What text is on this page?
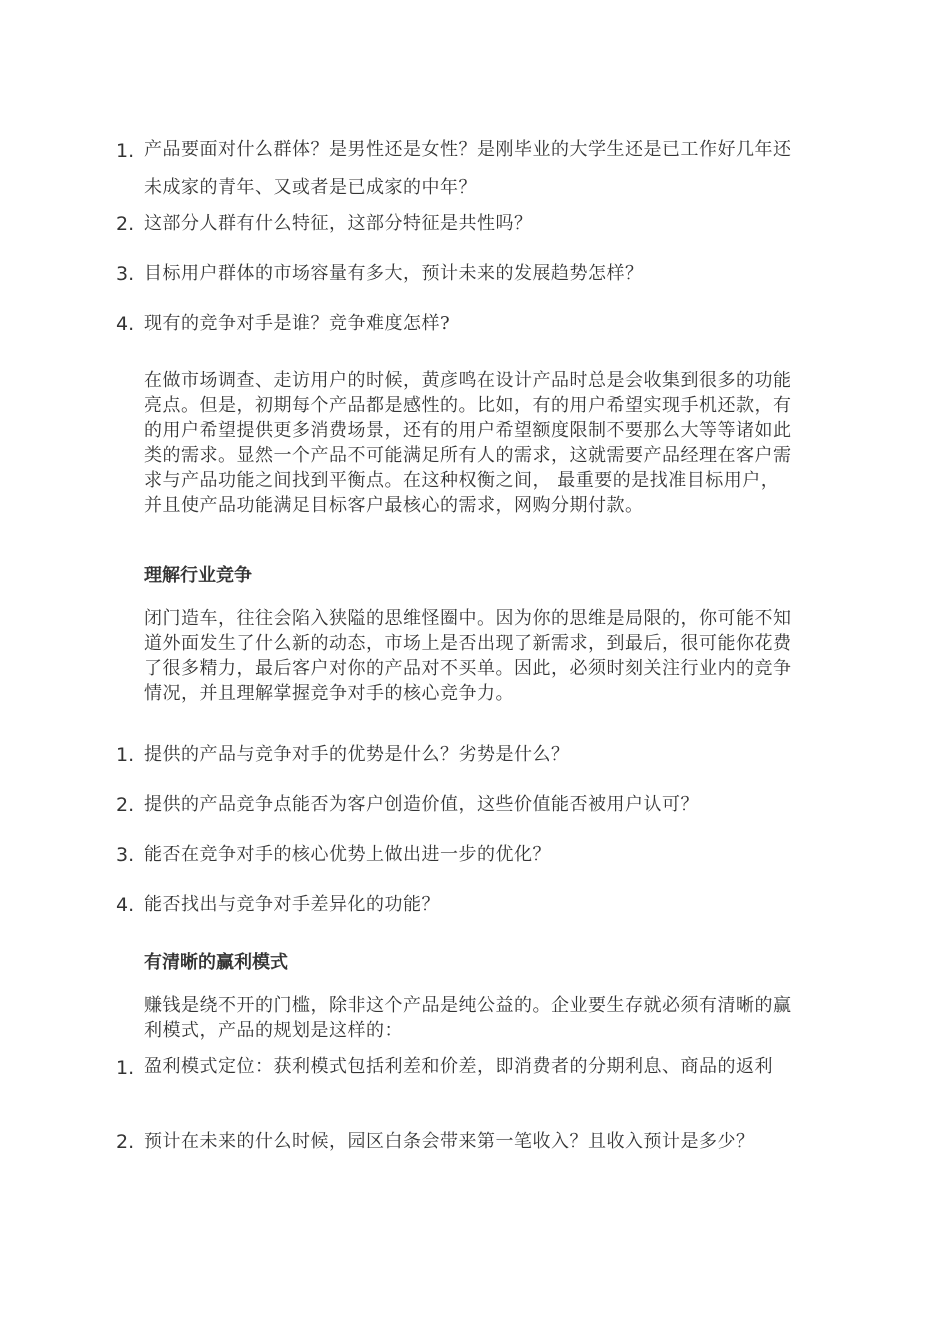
1. 产品要面对什么群体？是男性还是女性？是刚毕业的大学生还是已工作好几年还未成家的青年、又或者是已成家的中年？
2. 这部分人群有什么特征，这部分特征是共性吗？
3. 目标用户群体的市场容量有多大，预计未来的发展趋势怎样？
4. 现有的竞争对手是谁？竞争难度怎样?
在做市场调查、走访用户的时候，黄彦鸣在设计产品时总是会收集到很多的功能亮点。但是，初期每个产品都是感性的。比如，有的用户希望实现手机还款，有的用户希望提供更多消费场景，还有的用户希望额度限制不要那么大等等诸如此类的需求。显然一个产品不可能满足所有人的需求，这就需要产品经理在客户需求与产品功能之间找到平衡点。在这种权衡之间， 最重要的是找准目标用户， 并且使产品功能满足目标客户最核心的需求，网购分期付款。
理解行业竞争
闭门造车，往往会陷入狭隘的思维怪圈中。因为你的思维是局限的，你可能不知道外面发生了什么新的动态，市场上是否出现了新需求，到最后，很可能你花费了很多精力，最后客户对你的产品对不买单。因此，必须时刻关注行业内的竞争情况，并且理解掌握竞争对手的核心竞争力。
1. 提供的产品与竞争对手的优势是什么？劣势是什么？
2. 提供的产品竞争点能否为客户创造价值，这些价值能否被用户认可？
3. 能否在竞争对手的核心优势上做出进一步的优化？
4. 能否找出与竞争对手差异化的功能？
有清晰的赢利模式
赚钱是绕不开的门槛，除非这个产品是纯公益的。企业要生存就必须有清晰的赢利模式，产品的规划是这样的：
1. 盈利模式定位：获利模式包括利差和价差，即消费者的分期利息、商品的返利
2. 预计在未来的什么时候，园区白条会带来第一笔收入？且收入预计是多少？
